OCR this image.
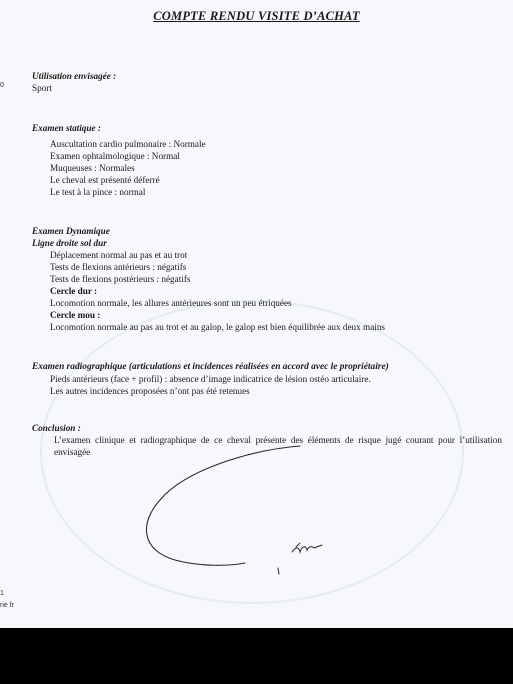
COMPTE RENDU VISITE D’ACHAT
0
1
rie fr
Utilisation envisagée :
Sport
Examen statique :
Auscultation cardio pulmonaire : Normale
Examen ophtalmologique : Normal
Muqueuses : Normales
Le cheval est présenté déferré
Le test à la pince : normal
Examen Dynamique
Ligne droite sol dur
Déplacement normal au pas et au trot
Tests de flexions antérieurs : négatifs
Tests de flexions postérieurs : négatifs
Cercle dur :
Locomotion normale, les allures antérieures sont un peu étriquées
Cercle mou :
Locomotion normale au pas au trot et au galop, le galop est bien équilibrée aux deux mains
Examen radiographique (articulations et incidences réalisées en accord avec le propriétaire)
Pieds antérieurs (face + profil) : absence d’image indicatrice de lésion ostéo articulaire.
Les autres incidences proposées n’ont pas été retenues
Conclusion :
L’examen clinique et radiographique de ce cheval présente des éléments de risque jugé courant pour l’utilisation envisagée
